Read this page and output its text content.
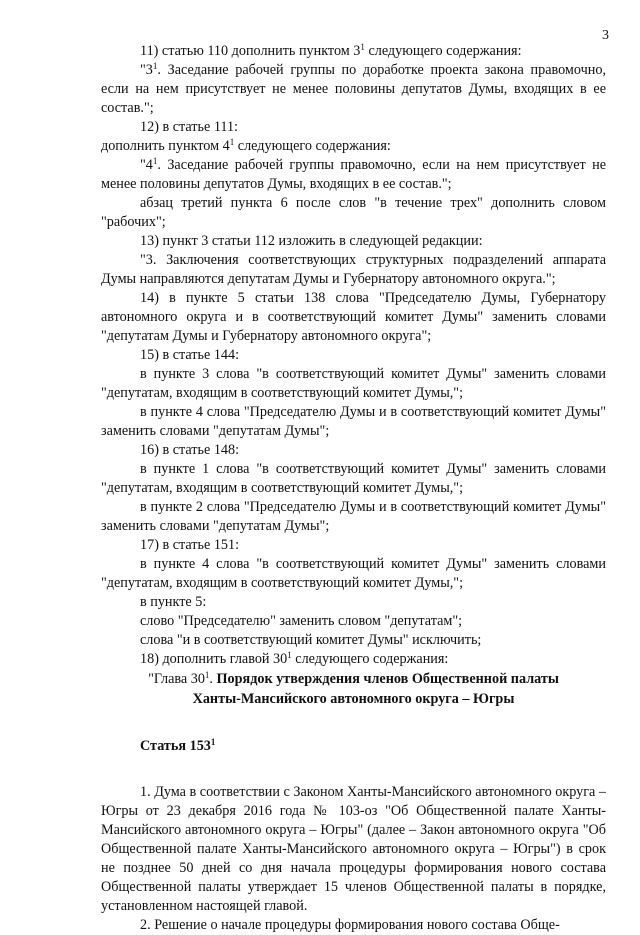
3

11) статью 110 дополнить пунктом $3^1$ следующего содержания:

"$3^1$. Заседание рабочей группы по доработке проекта закона правомочно, если на нем присутствует не менее половины депутатов Думы, входящих в ее состав.";

12) в статье 111:

дополнить пунктом $4^1$ следующего содержания:

"$4^1$. Заседание рабочей группы правомочно, если на нем присутствует не менее половины депутатов Думы, входящих в ее состав.";

абзац третий пункта 6 после слов "в течение трех" дополнить словом "рабочих";

13) пункт 3 статьи 112 изложить в следующей редакции:

"3. Заключения соответствующих структурных подразделений аппарата Думы направляются депутатам Думы и Губернатору автономного округа.";

14) в пункте 5 статьи 138 слова "Председателю Думы, Губернатору автономного округа и в соответствующий комитет Думы" заменить словами "депутатам Думы и Губернатору автономного округа";

15) в статье 144:

в пункте 3 слова "в соответствующий комитет Думы" заменить словами "депутатам, входящим в соответствующий комитет Думы,";

в пункте 4 слова "Председателю Думы и в соответствующий комитет Думы" заменить словами "депутатам Думы";

16) в статье 148:

в пункте 1 слова "в соответствующий комитет Думы" заменить словами "депутатам, входящим в соответствующий комитет Думы,";

в пункте 2 слова "Председателю Думы и в соответствующий комитет Думы" заменить словами "депутатам Думы";

17) в статье 151:

в пункте 4 слова "в соответствующий комитет Думы" заменить словами "депутатам, входящим в соответствующий комитет Думы,";

в пункте 5:

слово "Председателю" заменить словом "депутатам";

слова "и в соответствующий комитет Думы" исключить;

18) дополнить главой $30^1$ следующего содержания:

"Глава $30^1$. Порядок утверждения членов Общественной палаты
Ханты-Мансийского автономного округа – Югры

Статья $153^1$

1. Дума в соответствии с Законом Ханты-Мансийского автономного округа – Югры от 23 декабря 2016 года № 103-оз "Об Общественной палате Ханты-Мансийского автономного округа – Югры" (далее – Закон автономного округа "Об Общественной палате Ханты-Мансийского автономного округа – Югры") в срок не позднее 50 дней со дня начала процедуры формирования нового состава Общественной палаты утверждает 15 членов Общественной палаты в порядке, установленном настоящей главой.

2. Решение о начале процедуры формирования нового состава Обще-
